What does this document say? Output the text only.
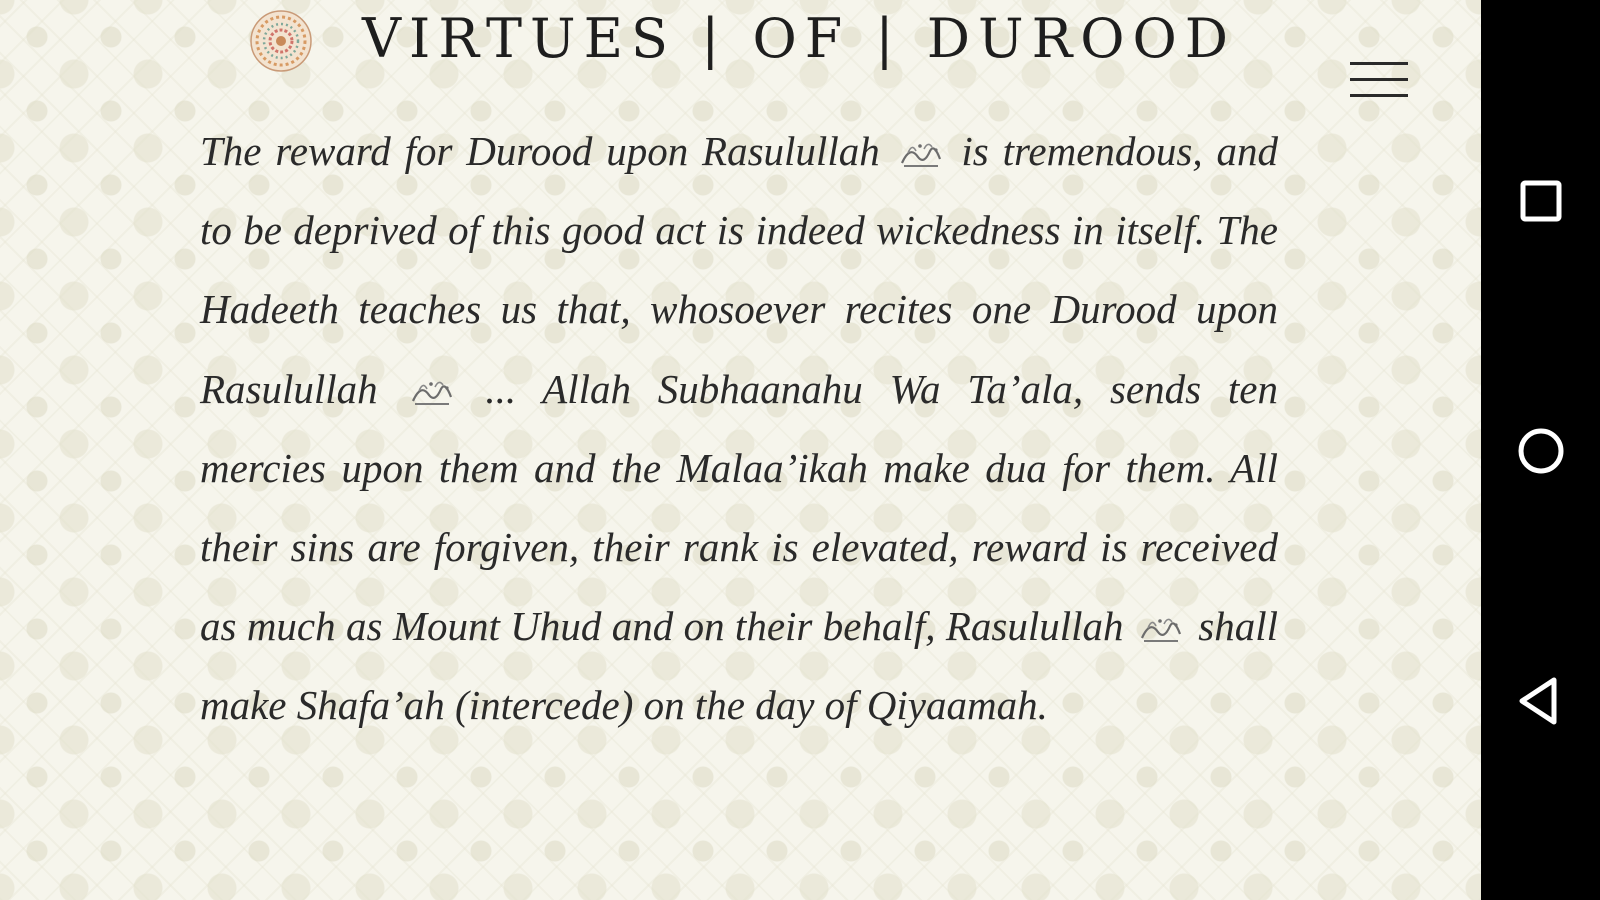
VIRTUES | OF | DUROOD

The reward for Durood upon Rasulullah  is tremendous, and to be deprived of this good act is indeed wickedness in itself. The Hadeeth teaches us that, whosoever recites one Durood upon Rasulullah  ... Allah Subhaanahu Wa Ta’ala, sends ten mercies upon them and the Malaa’ikah make dua for them. All their sins are forgiven, their rank is elevated, reward is received as much as Mount Uhud and on their behalf, Rasulullah  shall make Shafa’ah (intercede) on the day of Qiyaamah.
